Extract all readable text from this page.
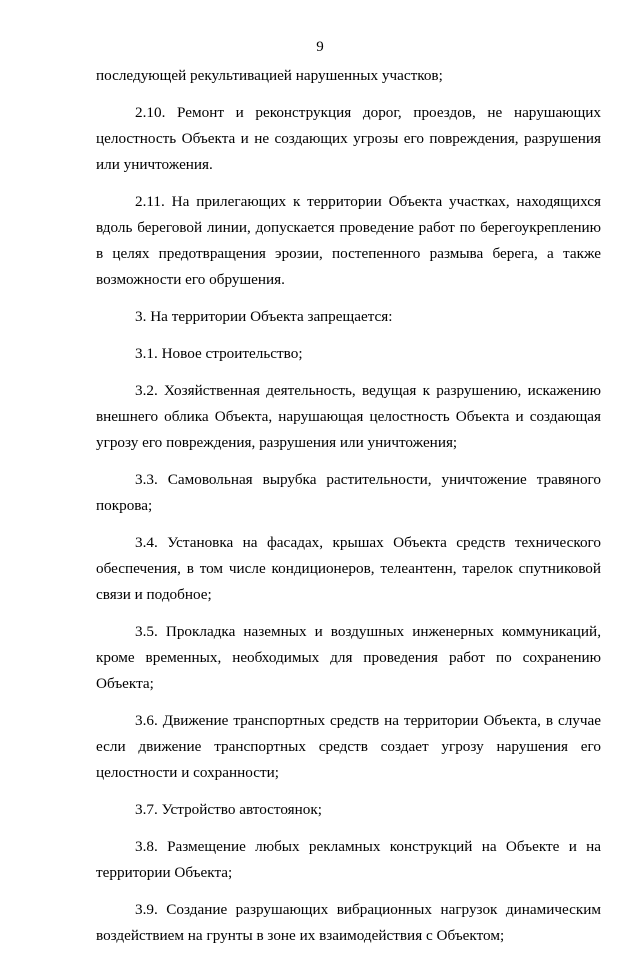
9

последующей рекультивацией нарушенных участков;

2.10. Ремонт и реконструкция дорог, проездов, не нарушающих целостность Объекта и не создающих угрозы его повреждения, разрушения или уничтожения.

2.11. На прилегающих к территории Объекта участках, находящихся вдоль береговой линии, допускается проведение работ по берегоукреплению в целях предотвращения эрозии, постепенного размыва берега, а также возможности его обрушения.

3. На территории Объекта запрещается:

3.1. Новое строительство;

3.2. Хозяйственная деятельность, ведущая к разрушению, искажению внешнего облика Объекта, нарушающая целостность Объекта и создающая угрозу его повреждения, разрушения или уничтожения;

3.3. Самовольная вырубка растительности, уничтожение травяного покрова;

3.4. Установка на фасадах, крышах Объекта средств технического обеспечения, в том числе кондиционеров, телеантенн, тарелок спутниковой связи и подобное;

3.5. Прокладка наземных и воздушных инженерных коммуникаций, кроме временных, необходимых для проведения работ по сохранению Объекта;

3.6. Движение транспортных средств на территории Объекта, в случае если движение транспортных средств создает угрозу нарушения его целостности и сохранности;

3.7. Устройство автостоянок;

3.8. Размещение любых рекламных конструкций на Объекте и на территории Объекта;

3.9. Создание разрушающих вибрационных нагрузок динамическим воздействием на грунты в зоне их взаимодействия с Объектом;
